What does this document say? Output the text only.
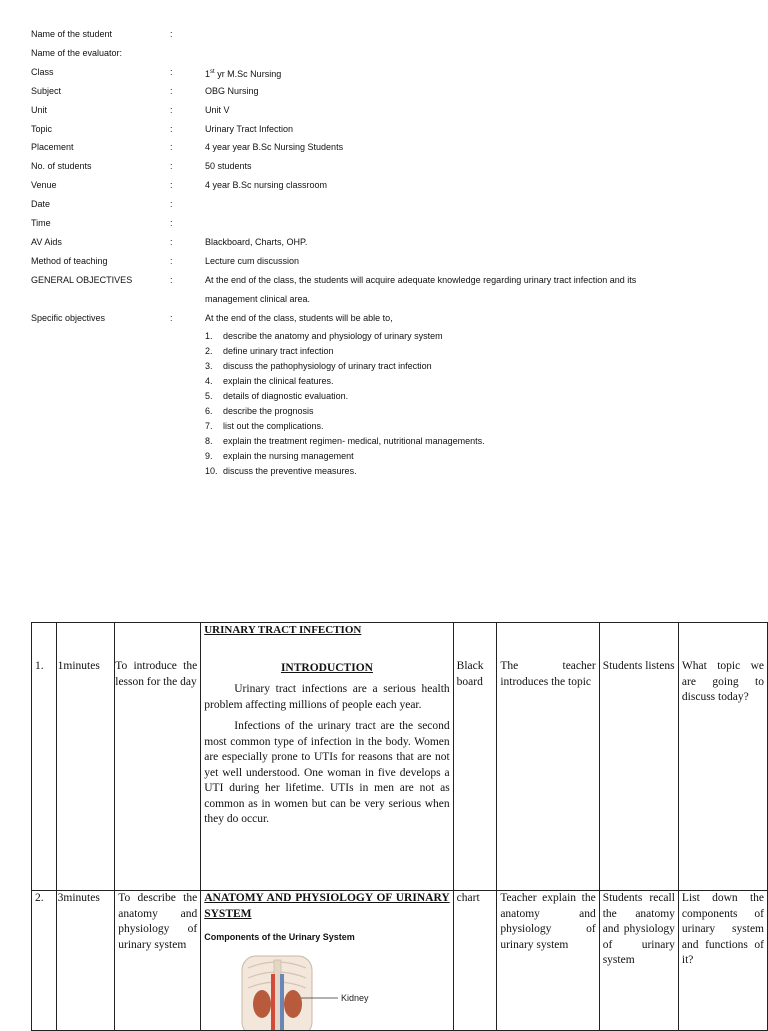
Name of the student	:
Name of the evaluator:
Class	:	1st yr M.Sc Nursing
Subject	:	OBG Nursing
Unit	:	Unit V
Topic	:	Urinary Tract Infection
Placement	:	4 year year B.Sc Nursing Students
No. of students	:	50 students
Venue	:	4 year B.Sc nursing classroom
Date	:
Time	:
AV Aids	:	Blackboard, Charts, OHP.
Method of teaching	:	Lecture cum discussion
GENERAL OBJECTIVES	:	At the end of the class, the students will acquire adequate knowledge regarding urinary tract infection and its
management clinical area.
Specific objectives	:	At the end of the class, students will be able to,
1. describe the anatomy and physiology of urinary system
2. define urinary tract infection
3. discuss the pathophysiology of urinary tract infection
4. explain the clinical features.
5. details of diagnostic evaluation.
6. describe the prognosis
7. list out the complications.
8. explain the treatment regimen- medical, nutritional managements.
9. explain the nursing management
10. discuss the preventive measures.
1.	1minutes	To introduce the lesson for the day	URINARY TRACT INFECTION
INTRODUCTION

Urinary tract infections are a serious health problem affecting millions of people each year.

Infections of the urinary tract are the second most common type of infection in the body. Women are especially prone to UTIs for reasons that are not yet well understood. One woman in five develops a UTI during her lifetime. UTIs in men are not as common as in women but can be very serious when they do occur.	Black board	The teacher introduces the topic	Students listens	What topic we are going to discuss today?
2.	3minutes	To describe the anatomy and physiology of urinary system	ANATOMY AND PHYSIOLOGY OF URINARY SYSTEM
Components of the Urinary System
Kidney	chart	Teacher explain the anatomy and physiology of urinary system	Students recall the anatomy and physiology of urinary system	List down the components of urinary system and functions of it?
